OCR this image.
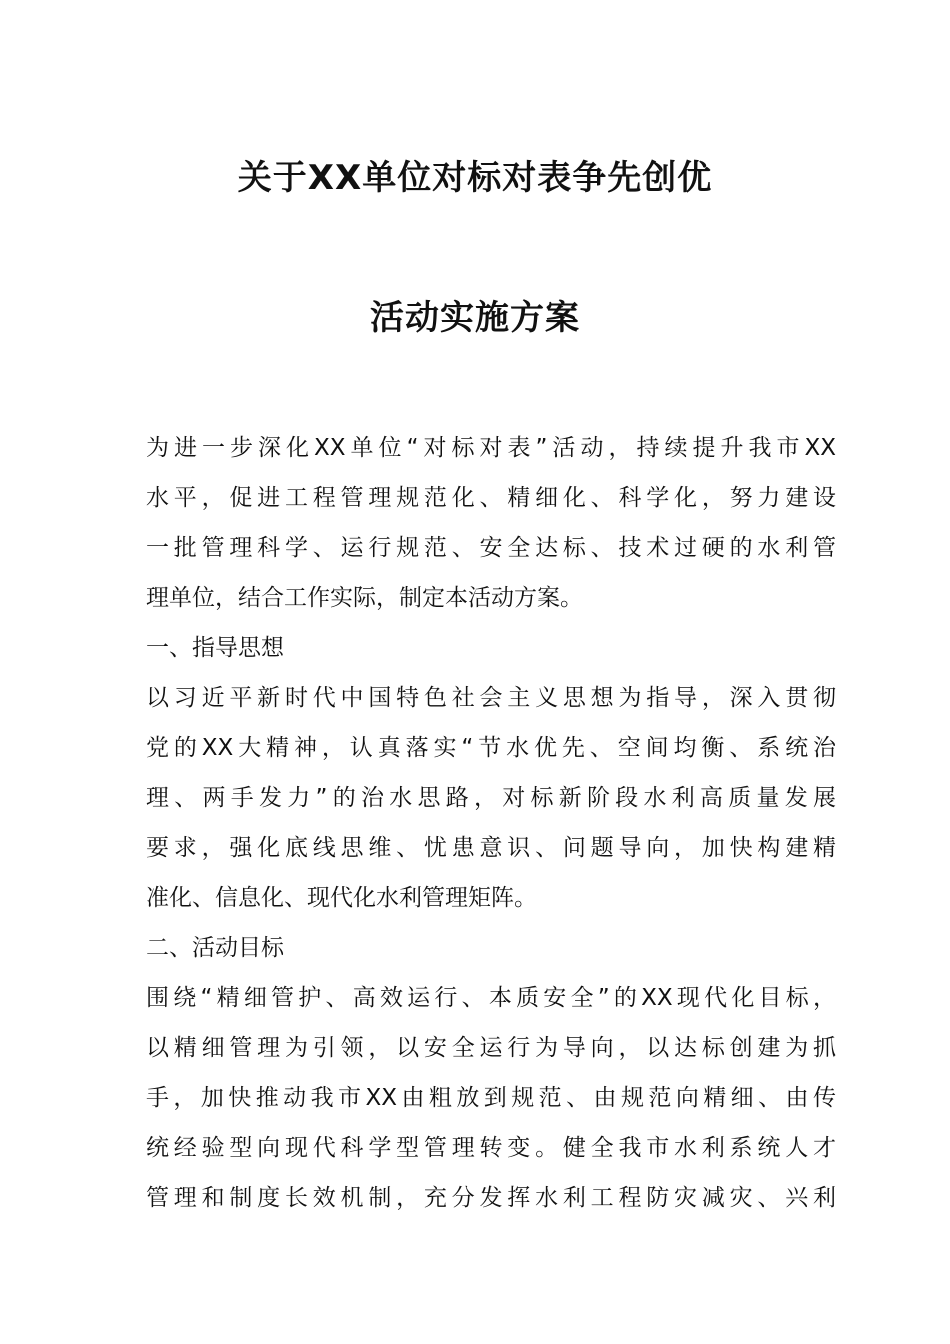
关于XX单位对标对表争先创优
活动实施方案
为进一步深化XX单位“对标对表”活动，持续提升我市XX
水平，促进工程管理规范化、精细化、科学化，努力建设
一批管理科学、运行规范、安全达标、技术过硬的水利管
理单位，结合工作实际，制定本活动方案。
一、指导思想
以习近平新时代中国特色社会主义思想为指导，深入贯彻
党的XX大精神，认真落实“节水优先、空间均衡、系统治
理、两手发力”的治水思路，对标新阶段水利高质量发展
要求，强化底线思维、忧患意识、问题导向，加快构建精
准化、信息化、现代化水利管理矩阵。
二、活动目标
围绕“精细管护、高效运行、本质安全”的XX现代化目标，
以精细管理为引领，以安全运行为导向，以达标创建为抓
手，加快推动我市XX由粗放到规范、由规范向精细、由传
统经验型向现代科学型管理转变。健全我市水利系统人才
管理和制度长效机制，充分发挥水利工程防灾减灾、兴利
